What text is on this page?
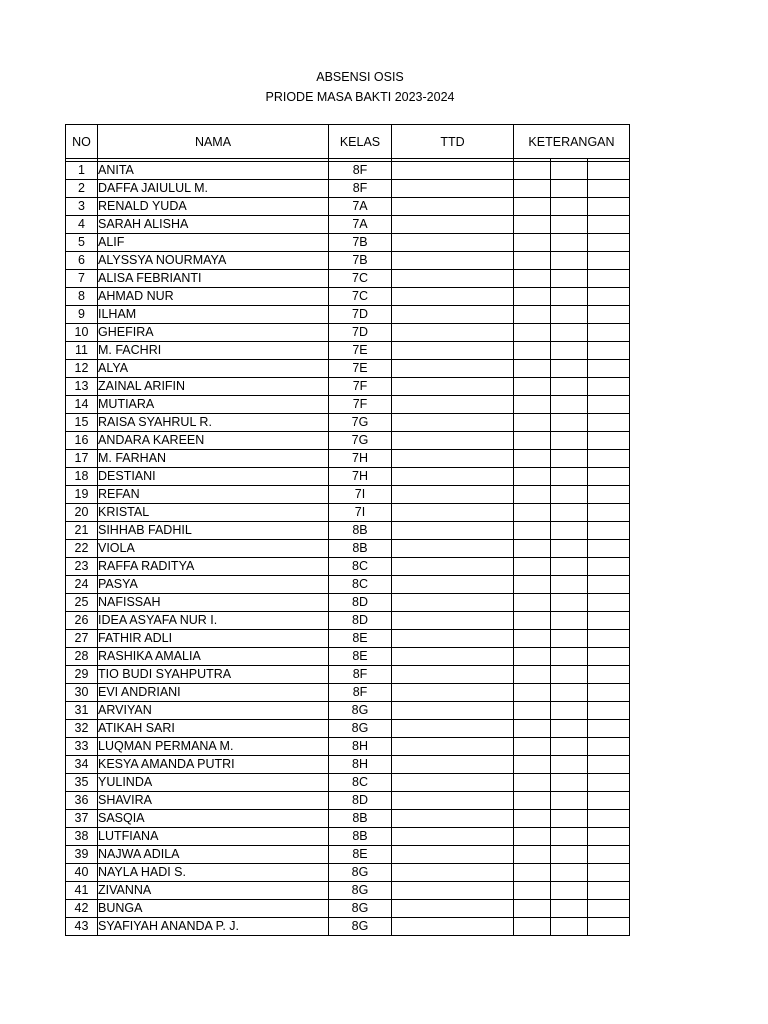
ABSENSI OSIS
PRIODE MASA BAKTI 2023-2024
NO	NAMA	KELAS	TTD	KETERANGAN		

1	ANITA	8F				
2	DAFFA JAIULUL M.	8F				
3	RENALD YUDA	7A				
4	SARAH ALISHA	7A				
5	ALIF	7B				
6	ALYSSYA NOURMAYA	7B				
7	ALISA FEBRIANTI	7C				
8	AHMAD NUR	7C				
9	ILHAM	7D				
10	GHEFIRA	7D				
11	M. FACHRI	7E				
12	ALYA	7E				
13	ZAINAL ARIFIN	7F				
14	MUTIARA	7F				
15	RAISA SYAHRUL R.	7G				
16	ANDARA KAREEN	7G				
17	M. FARHAN	7H				
18	DESTIANI	7H				
19	REFAN	7I				
20	KRISTAL	7I				
21	SIHHAB FADHIL	8B				
22	VIOLA	8B				
23	RAFFA RADITYA	8C				
24	PASYA	8C				
25	NAFISSAH	8D				
26	IDEA ASYAFA NUR I.	8D				
27	FATHIR ADLI	8E				
28	RASHIKA AMALIA	8E				
29	TIO BUDI SYAHPUTRA	8F				
30	EVI ANDRIANI	8F				
31	ARVIYAN	8G				
32	ATIKAH SARI	8G				
33	LUQMAN PERMANA M.	8H				
34	KESYA AMANDA PUTRI	8H				
35	YULINDA	8C				
36	SHAVIRA	8D				
37	SASQIA	8B				
38	LUTFIANA	8B				
39	NAJWA ADILA	8E				
40	NAYLA HADI S.	8G				
41	ZIVANNA	8G				
42	BUNGA	8G				
43	SYAFIYAH ANANDA P. J.	8G				
